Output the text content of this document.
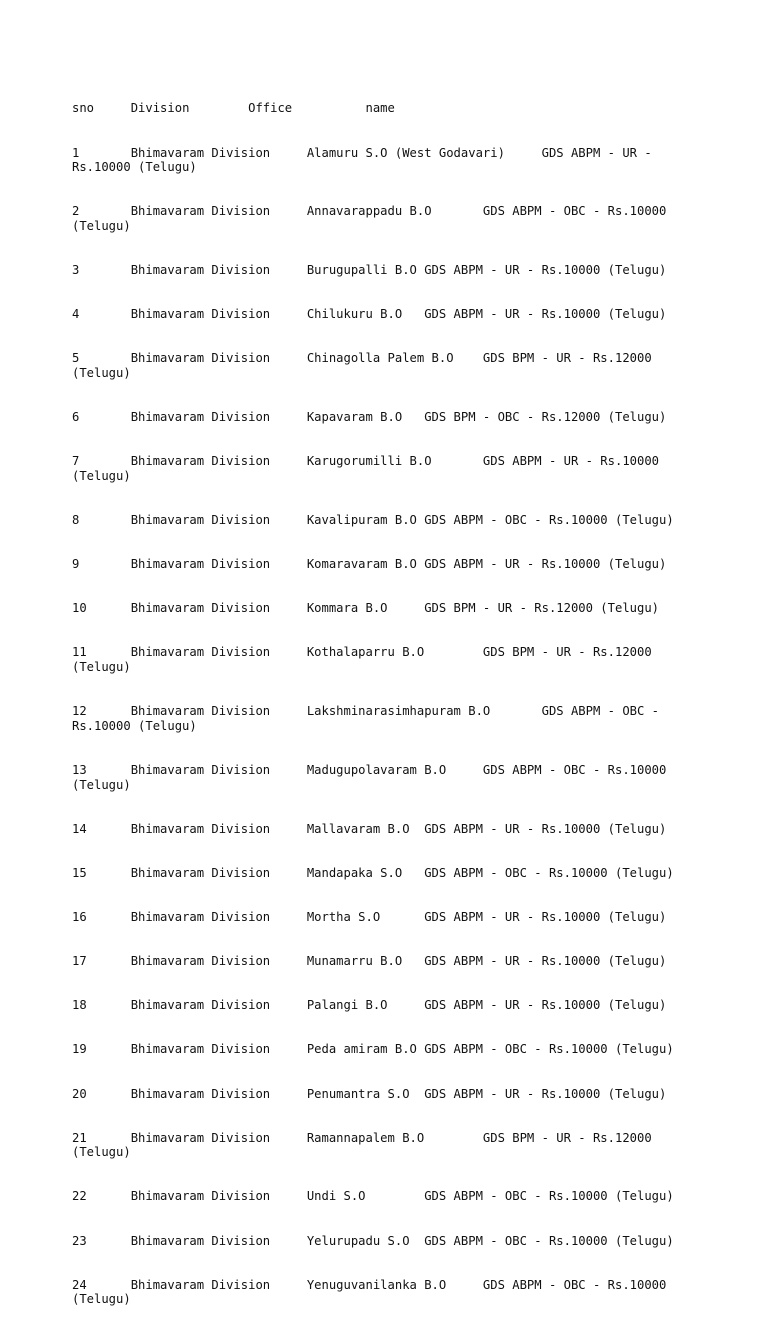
sno	Division	Office		name

1	Bhimavaram Division	Alamuru S.O (West Godavari)	GDS ABPM - UR - Rs.10000 (Telugu)

2	Bhimavaram Division	Annavarappadu B.O	GDS ABPM - OBC - Rs.10000 (Telugu)

3	Bhimavaram Division	Burugupalli B.O	GDS ABPM - UR - Rs.10000 (Telugu)

4	Bhimavaram Division	Chilukuru B.O	GDS ABPM - UR - Rs.10000 (Telugu)

5	Bhimavaram Division	Chinagolla Palem B.O	GDS BPM - UR - Rs.12000 (Telugu)

6	Bhimavaram Division	Kapavaram B.O	GDS BPM - OBC - Rs.12000 (Telugu)

7	Bhimavaram Division	Karugorumilli B.O	GDS ABPM - UR - Rs.10000 (Telugu)

8	Bhimavaram Division	Kavalipuram B.O	GDS ABPM - OBC - Rs.10000 (Telugu)

9	Bhimavaram Division	Komaravaram B.O	GDS ABPM - UR - Rs.10000 (Telugu)

10	Bhimavaram Division	Kommara B.O	GDS BPM - UR - Rs.12000 (Telugu)

11	Bhimavaram Division	Kothalaparru B.O	GDS BPM - UR - Rs.12000 (Telugu)

12	Bhimavaram Division	Lakshminarasimhapuram B.O	GDS ABPM - OBC - Rs.10000 (Telugu)

13	Bhimavaram Division	Madugupolavaram B.O	GDS ABPM - OBC - Rs.10000 (Telugu)

14	Bhimavaram Division	Mallavaram B.O	GDS ABPM - UR - Rs.10000 (Telugu)

15	Bhimavaram Division	Mandapaka S.O	GDS ABPM - OBC - Rs.10000 (Telugu)

16	Bhimavaram Division	Mortha S.O	GDS ABPM - UR - Rs.10000 (Telugu)

17	Bhimavaram Division	Munamarru B.O	GDS ABPM - UR - Rs.10000 (Telugu)

18	Bhimavaram Division	Palangi B.O	GDS ABPM - UR - Rs.10000 (Telugu)

19	Bhimavaram Division	Peda amiram B.O	GDS ABPM - OBC - Rs.10000 (Telugu)

20	Bhimavaram Division	Penumantra S.O	GDS ABPM - UR - Rs.10000 (Telugu)

21	Bhimavaram Division	Ramannapalem B.O	GDS BPM - UR - Rs.12000 (Telugu)

22	Bhimavaram Division	Undi S.O	GDS ABPM - OBC - Rs.10000 (Telugu)

23	Bhimavaram Division	Yelurupadu S.O	GDS ABPM - OBC - Rs.10000 (Telugu)

24	Bhimavaram Division	Yenuguvanilanka B.O	GDS ABPM - OBC - Rs.10000 (Telugu)
